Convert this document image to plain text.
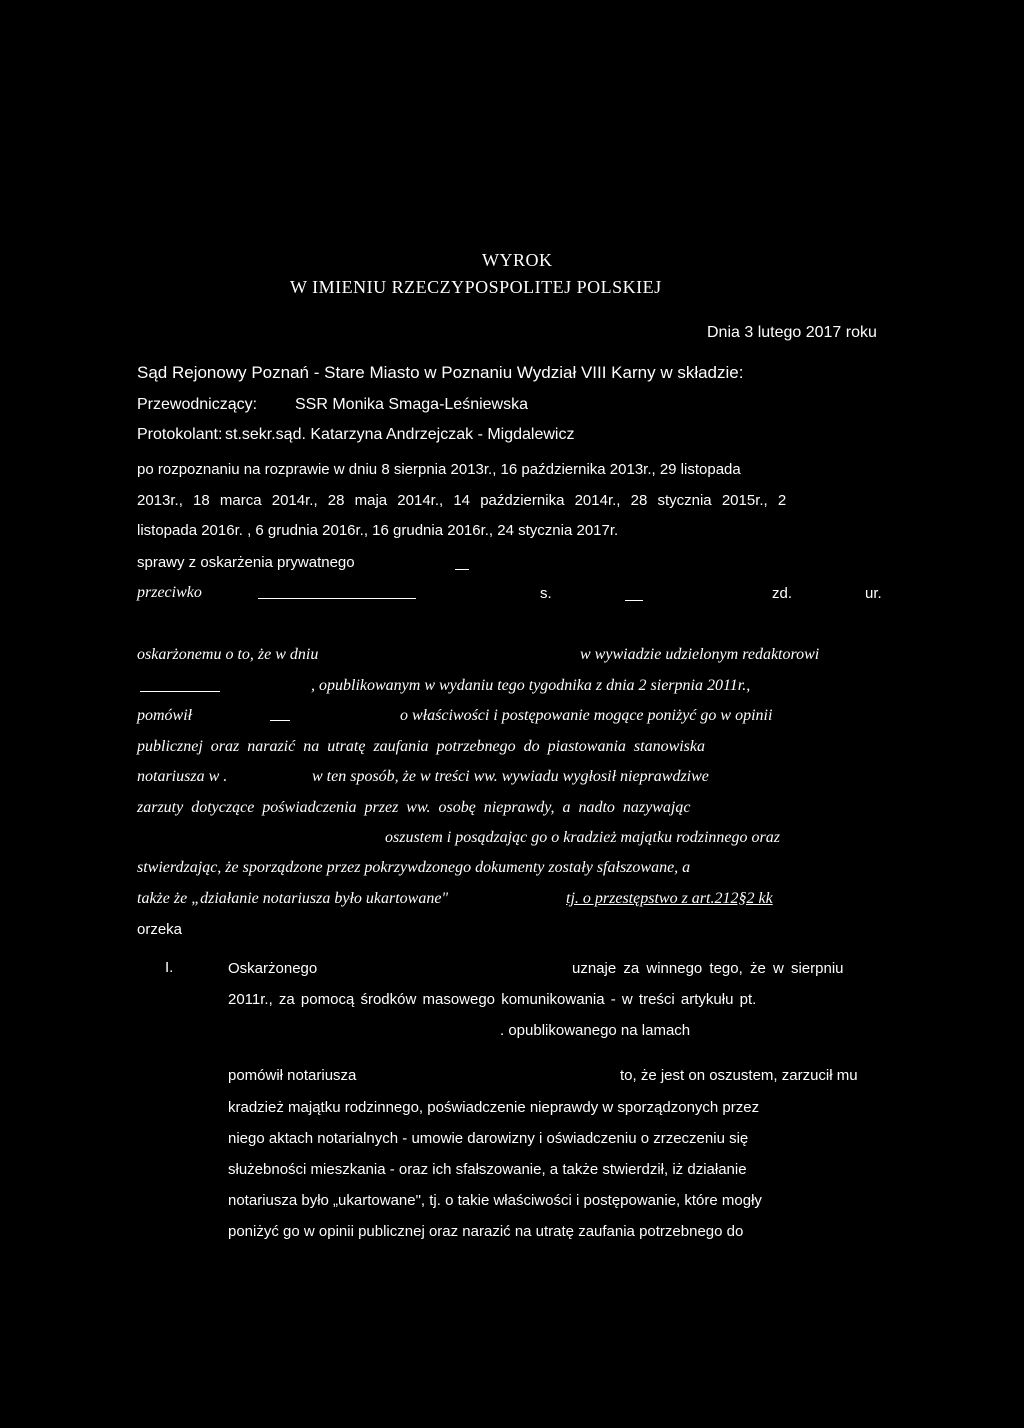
WYROK
W IMIENIU RZECZYPOSPOLITEJ POLSKIEJ
Dnia 3 lutego 2017 roku
Sąd Rejonowy Poznań - Stare Miasto w Poznaniu Wydział VIII Karny w składzie:
Przewodniczący: SSR Monika Smaga-Leśniewska
Protokolant: st.sekr.sąd. Katarzyna Andrzejczak - Migdalewicz
po rozpoznaniu na rozprawie w dniu 8 sierpnia 2013r., 16 października 2013r., 29 listopada
2013r., 18 marca 2014r., 28 maja 2014r., 14 października 2014r., 28 stycznia 2015r., 2
listopada 2016r. , 6 grudnia 2016r., 16 grudnia 2016r., 24 stycznia 2017r.
sprawy z oskarżenia prywatnego
przeciwko	s.	zd.	ur.
oskarżonemu o to, że w dniu	w wywiadzie udzielonym redaktorowi
, opublikowanym w wydaniu tego tygodnika z dnia 2 sierpnia 2011r.,
pomówił	o właściwości i postępowanie mogące poniżyć go w opinii
publicznej oraz narazić na utratę zaufania potrzebnego do piastowania stanowiska
notariusza w .	w ten sposób, że w treści ww. wywiadu wygłosił nieprawdziwe
zarzuty dotyczące poświadczenia przez ww. osobę nieprawdy, a nadto nazywając
oszustem i posądzając go o kradzież majątku rodzinnego oraz
stwierdzając, że sporządzone przez pokrzywdzonego dokumenty zostały sfałszowane, a
także że „działanie notariusza było ukartowane"	tj. o przestępstwo z art.212§2 kk
orzeka
I.	Oskarżonego	uznaje za winnego tego, że w sierpniu
2011r., za pomocą środków masowego komunikowania - w treści artykułu pt.
. opublikowanego na lamach
pomówił notariusza	to, że jest on oszustem, zarzucił mu
kradzież majątku rodzinnego, poświadczenie nieprawdy w sporządzonych przez
niego aktach notarialnych - umowie darowizny i oświadczeniu o zrzeczeniu się
służebności mieszkania - oraz ich sfałszowanie, a także stwierdził, iż działanie
notariusza było „ukartowane", tj. o takie właściwości i postępowanie, które mogły
poniżyć go w opinii publicznej oraz narazić na utratę zaufania potrzebnego do
